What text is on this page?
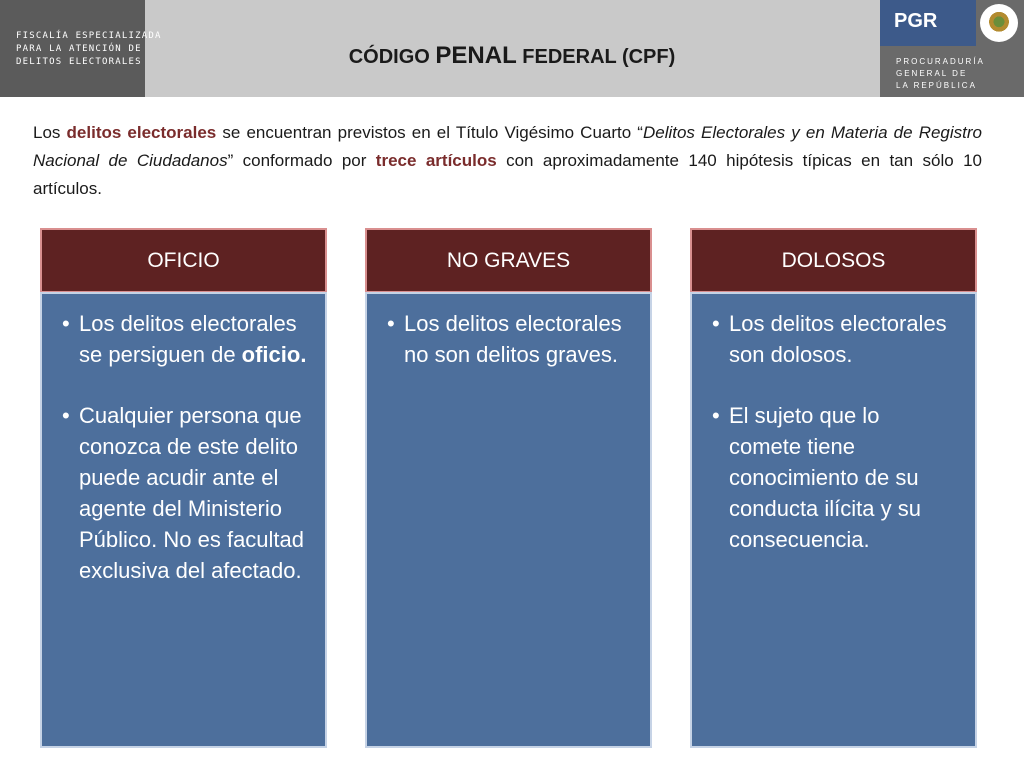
FISCALÍA ESPECIALIZADA
PARA LA ATENCIÓN DE
DELITOS ELECTORALES	CÓDIGO PENAL FEDERAL (CPF)
PGR
PROCURADURÍA
GENERAL DE
LA REPÚBLICA

Los delitos electorales se encuentran previstos en el Título Vigésimo Cuarto “Delitos Electorales y en Materia de Registro Nacional de Ciudadanos” conformado por trece artículos con aproximadamente 140 hipótesis típicas en tan sólo 10 artículos.

OFICIO
• Los delitos electorales se persiguen de oficio.
• Cualquier persona que conozca de este delito puede acudir ante el agente del Ministerio Público. No es facultad exclusiva del afectado.
NO GRAVES
• Los delitos electorales no son delitos graves.
DOLOSOS
• Los delitos electorales son dolosos.
• El sujeto que lo comete tiene conocimiento de su conducta ilícita y su consecuencia.
